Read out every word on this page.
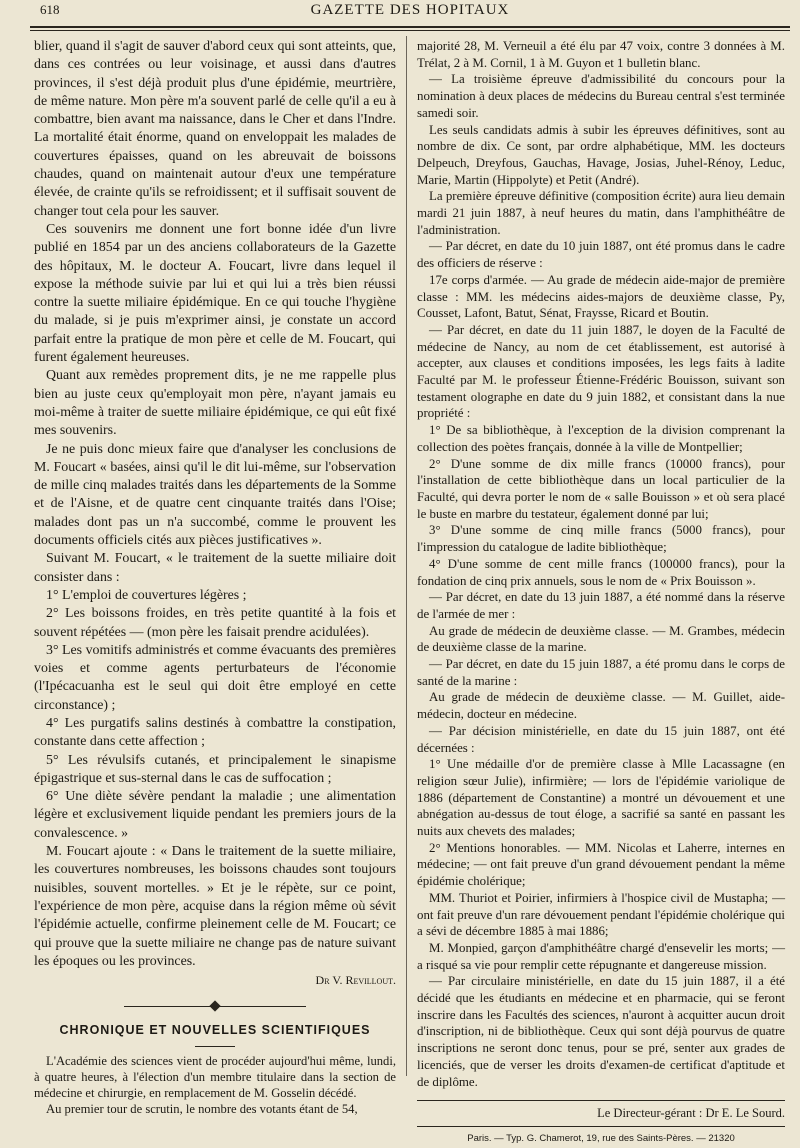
618	GAZETTE DES HOPITAUX

blier, quand il s'agit de sauver d'abord ceux qui sont atteints, que, dans ces contrées ou leur voisinage, et aussi dans d'autres provinces, il s'est déjà produit plus d'une épidémie, meurtrière, de même nature. Mon père m'a souvent parlé de celle qu'il a eu à combattre, bien avant ma naissance, dans le Cher et dans l'Indre. La mortalité était énorme, quand on enveloppait les malades de couvertures épaisses, quand on les abreuvait de boissons chaudes, quand on maintenait autour d'eux une température élevée, de crainte qu'ils se refroidissent; et il suffisait souvent de changer tout cela pour les sauver.

Ces souvenirs me donnent une fort bonne idée d'un livre publié en 1854 par un des anciens collaborateurs de la Gazette des hôpitaux, M. le docteur A. Foucart, livre dans lequel il expose la méthode suivie par lui et qui lui a très bien réussi contre la suette miliaire épidémique. En ce qui touche l'hygiène du malade, si je puis m'exprimer ainsi, je constate un accord parfait entre la pratique de mon père et celle de M. Foucart, qui furent également heureuses.

Quant aux remèdes proprement dits, je ne me rappelle plus bien au juste ceux qu'employait mon père, n'ayant jamais eu moi-même à traiter de suette miliaire épidémique, ce qui eût fixé mes souvenirs.

Je ne puis donc mieux faire que d'analyser les conclusions de M. Foucart « basées, ainsi qu'il le dit lui-même, sur l'observation de mille cinq malades traités dans les départements de la Somme et de l'Aisne, et de quatre cent cinquante traités dans l'Oise; malades dont pas un n'a succombé, comme le prouvent les documents officiels cités aux pièces justificatives ».

Suivant M. Foucart, « le traitement de la suette miliaire doit consister dans :

1° L'emploi de couvertures légères ;

2° Les boissons froides, en très petite quantité à la fois et souvent répétées — (mon père les faisait prendre acidulées).

3° Les vomitifs administrés et comme évacuants des premières voies et comme agents perturbateurs de l'économie (l'Ipécacuanha est le seul qui doit être employé en cette circonstance) ;

4° Les purgatifs salins destinés à combattre la constipation, constante dans cette affection ;

5° Les révulsifs cutanés, et principalement le sinapisme épigastrique et sus-sternal dans le cas de suffocation ;

6° Une diète sévère pendant la maladie ; une alimentation légère et exclusivement liquide pendant les premiers jours de la convalescence. »

M. Foucart ajoute : « Dans le traitement de la suette miliaire, les couvertures nombreuses, les boissons chaudes sont toujours nuisibles, souvent mortelles. » Et je le répète, sur ce point, l'expérience de mon père, acquise dans la région même où sévit l'épidémie actuelle, confirme pleinement celle de M. Foucart; ce qui prouve que la suette miliaire ne change pas de nature suivant les époques ou les provinces.

Dr V. Revillout.
CHRONIQUE ET NOUVELLES SCIENTIFIQUES

L'Académie des sciences vient de procéder aujourd'hui même, lundi, à quatre heures, à l'élection d'un membre titulaire dans la section de médecine et chirurgie, en remplacement de M. Gosselin décédé.

Au premier tour de scrutin, le nombre des votants étant de 54,

majorité 28, M. Verneuil a été élu par 47 voix, contre 3 données à M. Trélat, 2 à M. Cornil, 1 à M. Guyon et 1 bulletin blanc.

— La troisième épreuve d'admissibilité du concours pour la nomination à deux places de médecins du Bureau central s'est terminée samedi soir.

Les seuls candidats admis à subir les épreuves définitives, sont au nombre de dix. Ce sont, par ordre alphabétique, MM. les docteurs Delpeuch, Dreyfous, Gauchas, Havage, Josias, Juhel-Rénoy, Leduc, Marie, Martin (Hippolyte) et Petit (André).

La première épreuve définitive (composition écrite) aura lieu demain mardi 21 juin 1887, à neuf heures du matin, dans l'amphithéâtre de l'administration.

— Par décret, en date du 10 juin 1887, ont été promus dans le cadre des officiers de réserve :

17e corps d'armée. — Au grade de médecin aide-major de première classe : MM. les médecins aides-majors de deuxième classe, Py, Cousset, Lafont, Batut, Sénat, Fraysse, Ricard et Boutin.

— Par décret, en date du 11 juin 1887, le doyen de la Faculté de médecine de Nancy, au nom de cet établissement, est autorisé à accepter, aux clauses et conditions imposées, les legs faits à ladite Faculté par M. le professeur Étienne-Frédéric Bouisson, suivant son testament olographe en date du 9 juin 1882, et consistant dans la nue propriété :

1° De sa bibliothèque, à l'exception de la division comprenant la collection des poètes français, donnée à la ville de Montpellier;

2° D'une somme de dix mille francs (10000 francs), pour l'installation de cette bibliothèque dans un local particulier de la Faculté, qui devra porter le nom de « salle Bouisson » et où sera placé le buste en marbre du testateur, également donné par lui;

3° D'une somme de cinq mille francs (5000 francs), pour l'impression du catalogue de ladite bibliothèque;

4° D'une somme de cent mille francs (100000 francs), pour la fondation de cinq prix annuels, sous le nom de « Prix Bouisson ».

— Par décret, en date du 13 juin 1887, a été nommé dans la réserve de l'armée de mer :

Au grade de médecin de deuxième classe. — M. Grambes, médecin de deuxième classe de la marine.

— Par décret, en date du 15 juin 1887, a été promu dans le corps de santé de la marine :

Au grade de médecin de deuxième classe. — M. Guillet, aide-médecin, docteur en médecine.

— Par décision ministérielle, en date du 15 juin 1887, ont été décernées :

1° Une médaille d'or de première classe à Mlle Lacassagne (en religion sœur Julie), infirmière; — lors de l'épidémie variolique de 1886 (département de Constantine) a montré un dévouement et une abnégation au-dessus de tout éloge, a sacrifié sa santé en passant les nuits aux chevets des malades;

2° Mentions honorables. — MM. Nicolas et Laherre, internes en médecine; — ont fait preuve d'un grand dévouement pendant la même épidémie cholérique;

MM. Thuriot et Poirier, infirmiers à l'hospice civil de Mustapha; — ont fait preuve d'un rare dévouement pendant l'épidémie cholérique qui a sévi de décembre 1885 à mai 1886;

M. Monpied, garçon d'amphithéâtre chargé d'ensevelir les morts; — a risqué sa vie pour remplir cette répugnante et dangereuse mission.

— Par circulaire ministérielle, en date du 15 juin 1887, il a été décidé que les étudiants en médecine et en pharmacie, qui se feront inscrire dans les Facultés des sciences, n'auront à acquitter aucun droit d'inscription, ni de bibliothèque. Ceux qui sont déjà pourvus de quatre inscriptions ne seront donc tenus, pour se pré, senter aux grades de licenciés, que de verser les droits d'examen-de certificat d'aptitude et de diplôme.

Le Directeur-gérant : Dr E. Le Sourd.
Paris. — Typ. G. Chamerot, 19, rue des Saints-Pères. — 21320
